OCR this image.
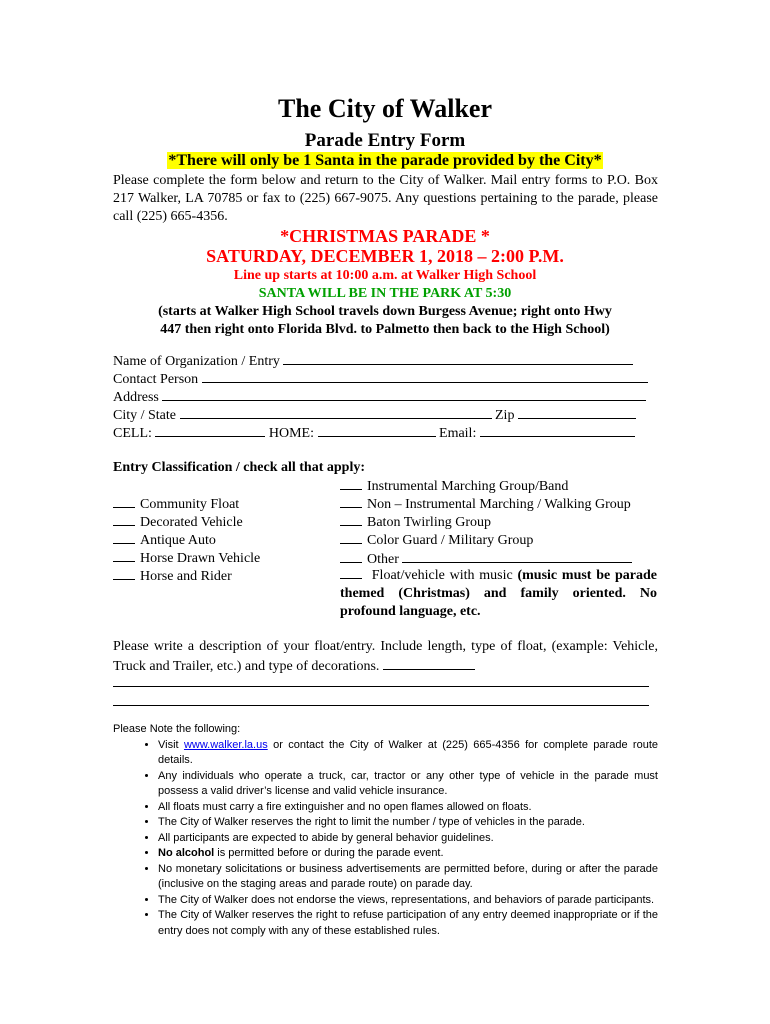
The City of Walker
Parade Entry Form
*There will only be 1 Santa in the parade provided by the City*
Please complete the form below and return to the City of Walker. Mail entry forms to P.O. Box 217 Walker, LA 70785 or fax to (225) 667-9075. Any questions pertaining to the parade, please call (225) 665-4356.
*CHRISTMAS PARADE *
SATURDAY, DECEMBER 1, 2018 – 2:00 P.M.
Line up starts at 10:00 a.m. at Walker High School
SANTA WILL BE IN THE PARK AT 5:30
(starts at Walker High School travels down Burgess Avenue; right onto Hwy 447 then right onto Florida Blvd. to Palmetto then back to the High School)
Name of Organization / Entry
Contact Person
Address
City / State	Zip
CELL:	HOME:	Email:
Entry Classification / check all that apply:
Instrumental Marching Group/Band
Community Float	Non – Instrumental Marching / Walking Group
Decorated Vehicle	Baton Twirling Group
Antique Auto	Color Guard / Military Group
Horse Drawn Vehicle	Other
Horse and Rider	Float/vehicle with music (music must be parade themed (Christmas) and family oriented. No profound language, etc.
Please write a description of your float/entry. Include length, type of float, (example: Vehicle, Truck and Trailer, etc.) and type of decorations.
Please Note the following:
• Visit www.walker.la.us or contact the City of Walker at (225) 665-4356 for complete parade route details.
• Any individuals who operate a truck, car, tractor or any other type of vehicle in the parade must possess a valid driver’s license and valid vehicle insurance.
• All floats must carry a fire extinguisher and no open flames allowed on floats.
• The City of Walker reserves the right to limit the number / type of vehicles in the parade.
• All participants are expected to abide by general behavior guidelines.
• No alcohol is permitted before or during the parade event.
• No monetary solicitations or business advertisements are permitted before, during or after the parade (inclusive on the staging areas and parade route) on parade day.
• The City of Walker does not endorse the views, representations, and behaviors of parade participants.
• The City of Walker reserves the right to refuse participation of any entry deemed inappropriate or if the entry does not comply with any of these established rules.
